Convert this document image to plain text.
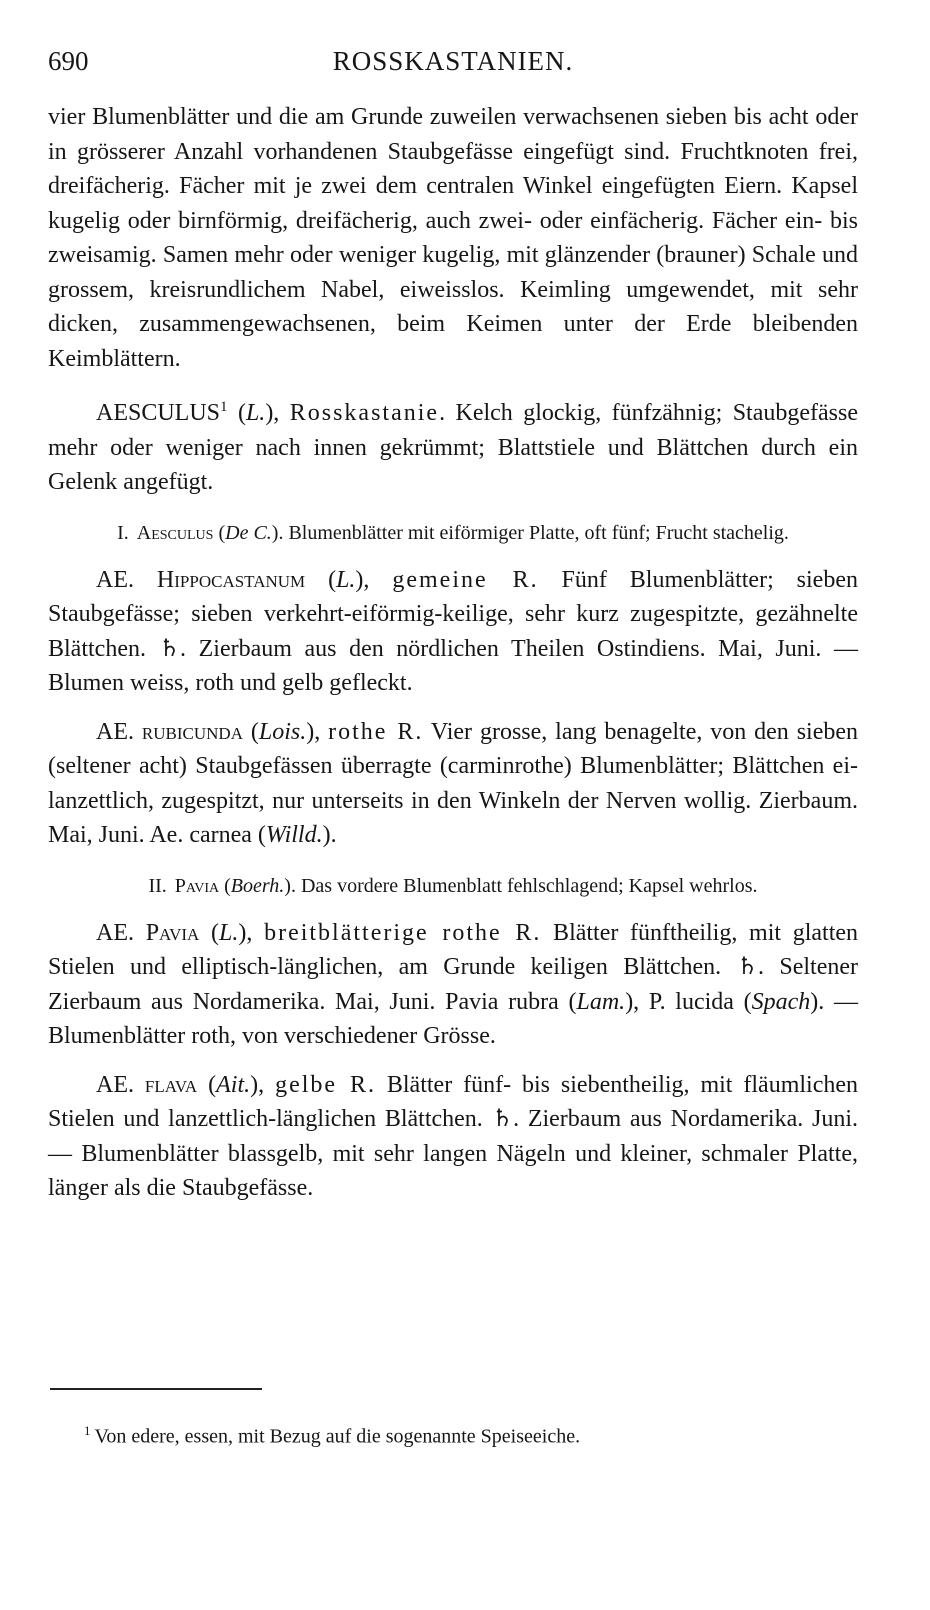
690	ROSSKASTANIEN.

vier Blumenblätter und die am Grunde zuweilen verwachsenen sieben bis acht oder in grösserer Anzahl vorhandenen Staubgefässe eingefügt sind. Fruchtknoten frei, dreifächerig. Fächer mit je zwei dem centralen Winkel eingefügten Eiern. Kapsel kugelig oder birnförmig, dreifächerig, auch zwei- oder einfächerig. Fächer ein- bis zweisamig. Samen mehr oder weniger kugelig, mit glänzender (brauner) Schale und grossem, kreisrundlichem Nabel, eiweisslos. Keimling umgewendet, mit sehr dicken, zusammengewachsenen, beim Keimen unter der Erde bleibenden Keimblättern.

AESCULUS$^1$ (L.), Rosskastanie. Kelch glockig, fünfzähnig; Staubgefässe mehr oder weniger nach innen gekrümmt; Blattstiele und Blättchen durch ein Gelenk angefügt.

I. Aesculus (De C.). Blumenblätter mit eiförmiger Platte, oft fünf; Frucht stachelig.

AE. Hippocastanum (L.), gemeine R. Fünf Blumenblätter; sieben Staubgefässe; sieben verkehrt-eiförmig-keilige, sehr kurz zugespitzte, gezähnelte Blättchen. ♄. Zierbaum aus den nördlichen Theilen Ostindiens. Mai, Juni. — Blumen weiss, roth und gelb gefleckt.

AE. rubicunda (Lois.), rothe R. Vier grosse, lang benagelte, von den sieben (seltener acht) Staubgefässen überragte (carminrothe) Blumenblätter; Blättchen ei-lanzettlich, zugespitzt, nur unterseits in den Winkeln der Nerven wollig. Zierbaum. Mai, Juni. Ae. carnea (Willd.).

II. Pavia (Boerh.). Das vordere Blumenblatt fehlschlagend; Kapsel wehrlos.

AE. Pavia (L.), breitblätterige rothe R. Blätter fünftheilig, mit glatten Stielen und elliptisch-länglichen, am Grunde keiligen Blättchen. ♄. Seltener Zierbaum aus Nordamerika. Mai, Juni. Pavia rubra (Lam.), P. lucida (Spach). — Blumenblätter roth, von verschiedener Grösse.

AE. flava (Ait.), gelbe R. Blätter fünf- bis siebentheilig, mit fläumlichen Stielen und lanzettlich-länglichen Blättchen. ♄. Zierbaum aus Nordamerika. Juni. — Blumenblätter blassgelb, mit sehr langen Nägeln und kleiner, schmaler Platte, länger als die Staubgefässe.

$^1$ Von edere, essen, mit Bezug auf die sogenannte Speiseeiche.
